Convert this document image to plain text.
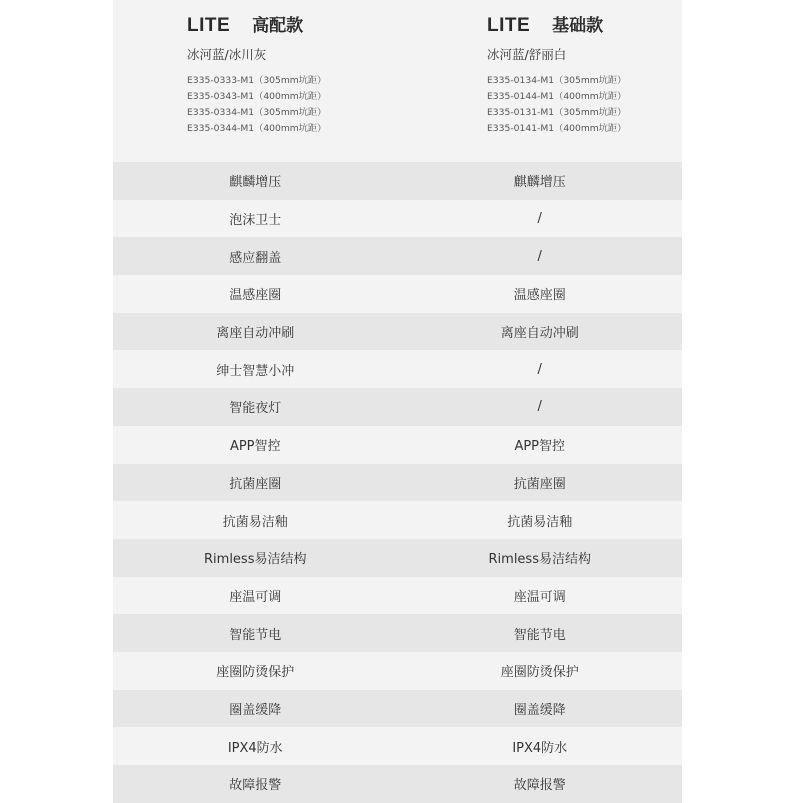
LITE 高配款
冰河蓝/冰川灰
E335-0333-M1（305mm坑距）
E335-0343-M1（400mm坑距）
E335-0334-M1（305mm坑距）
E335-0344-M1（400mm坑距）
LITE 基础款
冰河蓝/舒丽白
E335-0134-M1（305mm坑距）
E335-0144-M1（400mm坑距）
E335-0131-M1（305mm坑距）
E335-0141-M1（400mm坑距）
麒麟增压	麒麟增压
泡沫卫士	/
感应翻盖	/
温感座圈	温感座圈
离座自动冲刷	离座自动冲刷
绅士智慧小冲	/
智能夜灯	/
APP智控	APP智控
抗菌座圈	抗菌座圈
抗菌易洁釉	抗菌易洁釉
Rimless易洁结构	Rimless易洁结构
座温可调	座温可调
智能节电	智能节电
座圈防烫保护	座圈防烫保护
圈盖缓降	圈盖缓降
IPX4防水	IPX4防水
故障报警	故障报警
